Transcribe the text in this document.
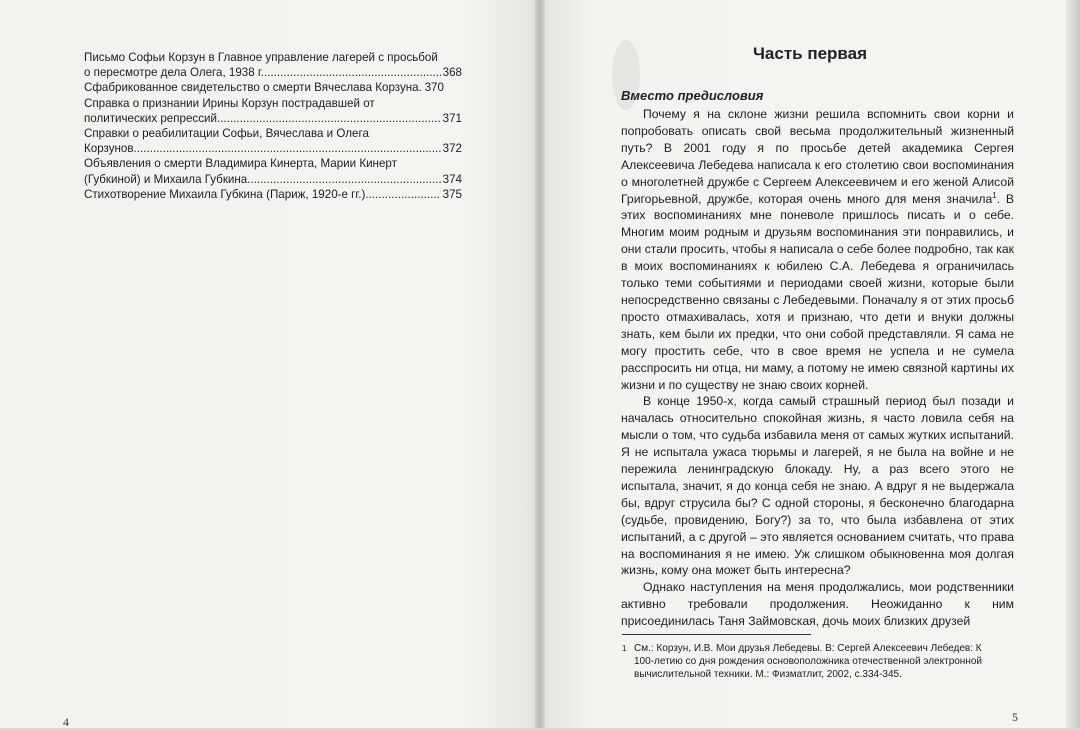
Письмо Софьи Корзун в Главное управление лагерей с просьбой
о пересмотре дела Олега, 1938 г. . . .	368
Сфабрикованное свидетельство о смерти Вячеслава Корзуна . . . 370
Справка о признании Ирины Корзун пострадавшей от
политических репрессий . . .	371
Справки о реабилитации Софьи, Вячеслава и Олега
Корзунов . . .	372
Объявления о смерти Владимира Кинерта, Марии Кинерт
(Губкиной) и Михаила Губкина . . .	374
Стихотворение Михаила Губкина (Париж, 1920-е гг.) . . .	375
4
Часть первая
Вместо предисловия

Почему я на склоне жизни решила вспомнить свои корни и попробовать описать свой весьма продолжительный жизненный путь? В 2001 году я по просьбе детей академика Сергея Алексеевича Лебедева написала к его столетию свои воспоминания о многолетней дружбе с Сергеем Алексеевичем и его женой Алисой Григорьевной, дружбе, которая очень много для меня значила$^1$. В этих воспоминаниях мне поневоле пришлось писать и о себе. Многим моим родным и друзьям воспоминания эти понравились, и они стали просить, чтобы я написала о себе более подробно, так как в моих воспоминаниях к юбилею С.А. Лебедева я ограничилась только теми событиями и периодами своей жизни, которые были непосредственно связаны с Лебедевыми. Поначалу я от этих просьб просто отмахивалась, хотя и признаю, что дети и внуки должны знать, кем были их предки, что они собой представляли. Я сама не могу простить себе, что в свое время не успела и не сумела расспросить ни отца, ни маму, а потому не имею связной картины их жизни и по существу не знаю своих корней.

В конце 1950-х, когда самый страшный период был позади и началась относительно спокойная жизнь, я часто ловила себя на мысли о том, что судьба избавила меня от самых жутких испытаний. Я не испытала ужаса тюрьмы и лагерей, я не была на войне и не пережила ленинградскую блокаду. Ну, а раз всего этого не испытала, значит, я до конца себя не знаю. А вдруг я не выдержала бы, вдруг струсила бы? С одной стороны, я бесконечно благодарна (судьбе, провидению, Богу?) за то, что была избавлена от этих испытаний, а с другой – это является основанием считать, что права на воспоминания я не имею. Уж слишком обыкновенна моя долгая жизнь, кому она может быть интересна?

Однако наступления на меня продолжались, мои родственники активно требовали продолжения. Неожиданно к ним присоединилась Таня Займовская, дочь моих близких друзей

1 См.: Корзун, И.В. Мои друзья Лебедевы. В: Сергей Алексеевич Лебедев: К 100-летию со дня рождения основоположника отечественной электронной вычислительной техники. М.: Физматлит, 2002, с.334-345.
5
